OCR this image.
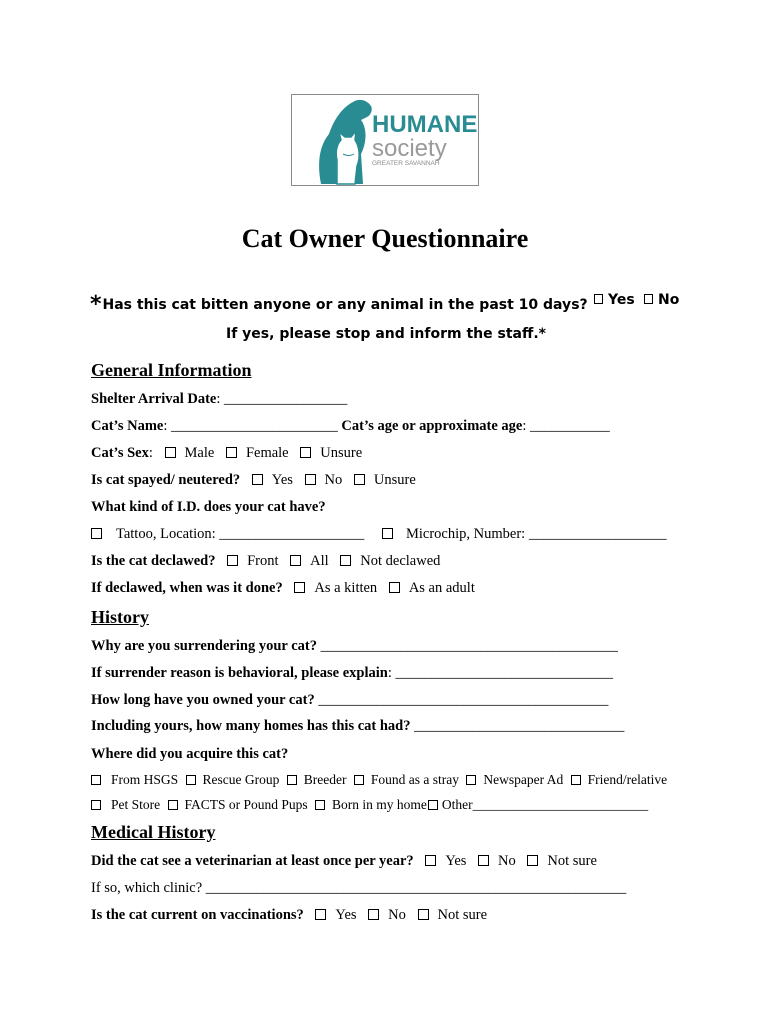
HUMANE
society
GREATER SAVANNAH
Cat Owner Questionnaire
*Has this cat bitten anyone or any animal in the past 10 days?	Yes	No
If yes, please stop and inform the staff.*
General Information
Shelter Arrival Date: _________________
Cat’s Name: _______________________ Cat’s age or approximate age: ___________
Cat’s Sex: Male Female Unsure
Is cat spayed/ neutered? Yes No Unsure
What kind of I.D. does your cat have?
Tattoo, Location: ____________________	Microchip, Number: ___________________
Is the cat declawed? Front All Not declawed
If declawed, when was it done? As a kitten As an adult
History
Why are you surrendering your cat? _________________________________________
If surrender reason is behavioral, please explain: ______________________________
How long have you owned your cat? ________________________________________
Including yours, how many homes has this cat had? _____________________________
Where did you acquire this cat?
From HSGS Rescue Group Breeder Found as a stray Newspaper Ad Friend/relative
Pet Store FACTS or Pound Pups Born in my home Other__________________________
Medical History
Did the cat see a veterinarian at least once per year? Yes No Not sure
If so, which clinic? __________________________________________________________
Is the cat current on vaccinations? Yes No Not sure
